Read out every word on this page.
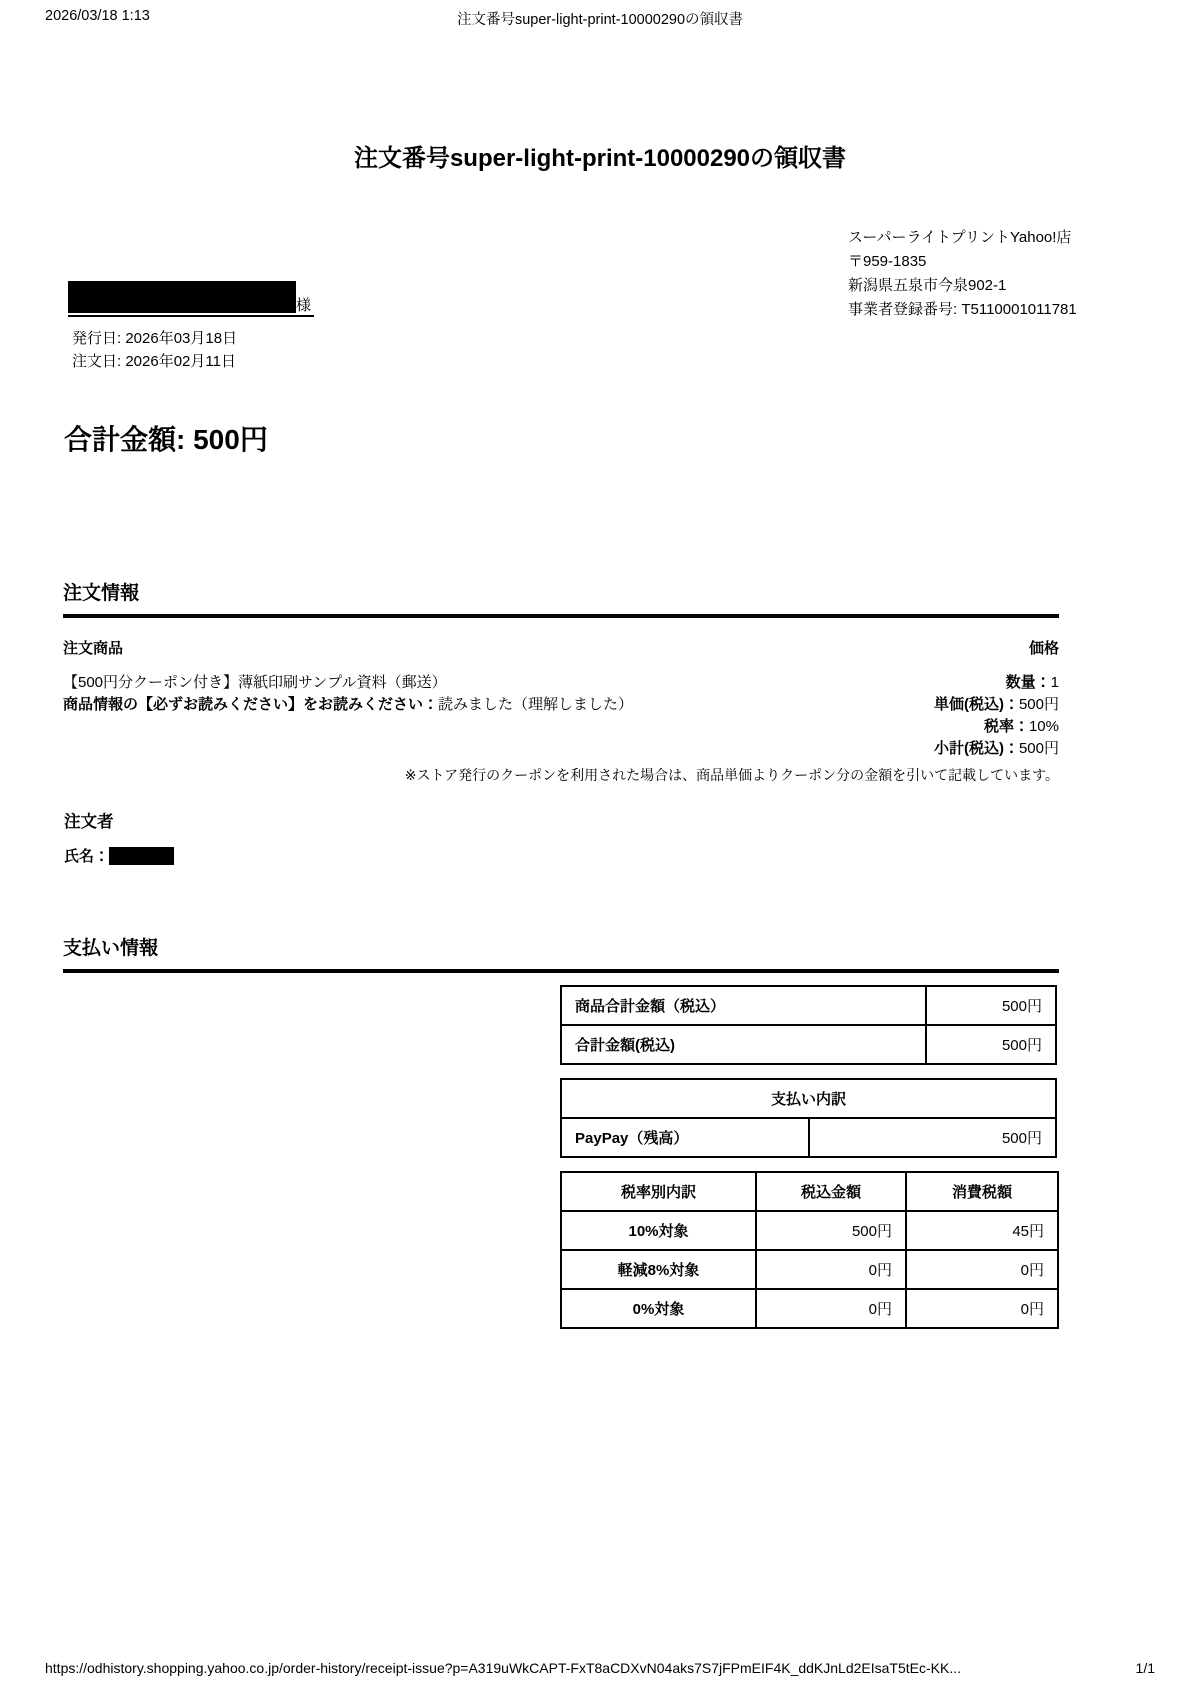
2026/03/18 1:13	注文番号super-light-print-10000290の領収書
注文番号super-light-print-10000290の領収書
スーパーライトプリントYahoo!店
〒959-1835
新潟県五泉市今泉902-1
事業者登録番号: T5110001011781
様
発行日: 2026年03月18日
注文日: 2026年02月11日
合計金額: 500円
注文情報
注文商品	価格
【500円分クーポン付き】薄紙印刷サンプル資料（郵送）
商品情報の【必ずお読みください】をお読みください：読みました（理解しました）
数量：1
単価(税込)：500円
税率：10%
小計(税込)：500円
※ストア発行のクーポンを利用された場合は、商品単価よりクーポン分の金額を引いて記載しています。
注文者
氏名：
支払い情報
商品合計金額（税込）	500円
合計金額(税込)	500円
支払い内訳
PayPay（残高）	500円
税率別内訳	税込金額	消費税額
10%対象	500円	45円
軽減8%対象	0円	0円
0%対象	0円	0円
https://odhistory.shopping.yahoo.co.jp/order-history/receipt-issue?p=A319uWkCAPT-FxT8aCDXvN04aks7S7jFPmEIF4K_ddKJnLd2EIsaT5tEc-KK...	1/1
